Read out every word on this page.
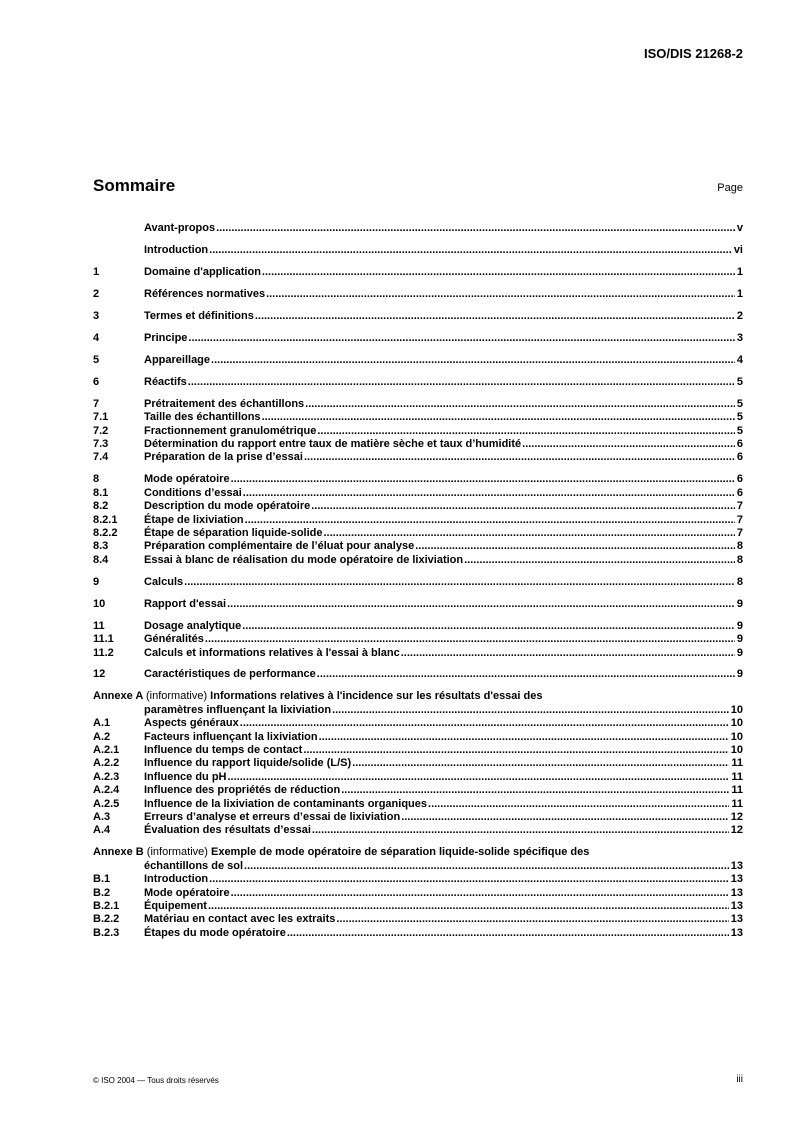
ISO/DIS 21268-2
Sommaire	Page
Avant-propos .....	v
Introduction .....	vi
1	Domaine d'application .....	1
2	Références normatives .....	1
3	Termes et définitions .....	2
4	Principe .....	3
5	Appareillage .....	4
6	Réactifs .....	5
7	Prétraitement des échantillons .....	5
7.1	Taille des échantillons .....	5
7.2	Fractionnement granulométrique .....	5
7.3	Détermination du rapport entre taux de matière sèche et taux d’humidité .....	6
7.4	Préparation de la prise d’essai .....	6
8	Mode opératoire .....	6
8.1	Conditions d’essai .....	6
8.2	Description du mode opératoire .....	7
8.2.1	Étape de lixiviation .....	7
8.2.2	Étape de séparation liquide-solide .....	7
8.3	Préparation complémentaire de l’éluat pour analyse .....	8
8.4	Essai à blanc de réalisation du mode opératoire de lixiviation .....	8
9	Calculs .....	8
10	Rapport d'essai .....	9
11	Dosage analytique .....	9
11.1	Généralités .....	9
11.2	Calculs et informations relatives à l'essai à blanc .....	9
12	Caractéristiques de performance .....	9
Annexe A (informative) Informations relatives à l'incidence sur les résultats d'essai des
paramètres influençant la lixiviation .....	10
A.1	Aspects généraux .....	10
A.2	Facteurs influençant la lixiviation .....	10
A.2.1	Influence du temps de contact .....	10
A.2.2	Influence du rapport liquide/solide (L/S) .....	11
A.2.3	Influence du pH .....	11
A.2.4	Influence des propriétés de réduction .....	11
A.2.5	Influence de la lixiviation de contaminants organiques .....	11
A.3	Erreurs d’analyse et erreurs d’essai de lixiviation .....	12
A.4	Évaluation des résultats d’essai .....	12
Annexe B (informative) Exemple de mode opératoire de séparation liquide-solide spécifique des
échantillons de sol .....	13
B.1	Introduction .....	13
B.2	Mode opératoire .....	13
B.2.1	Équipement .....	13
B.2.2	Matériau en contact avec les extraits .....	13
B.2.3	Étapes du mode opératoire .....	13
© ISO 2004 — Tous droits réservés	iii
